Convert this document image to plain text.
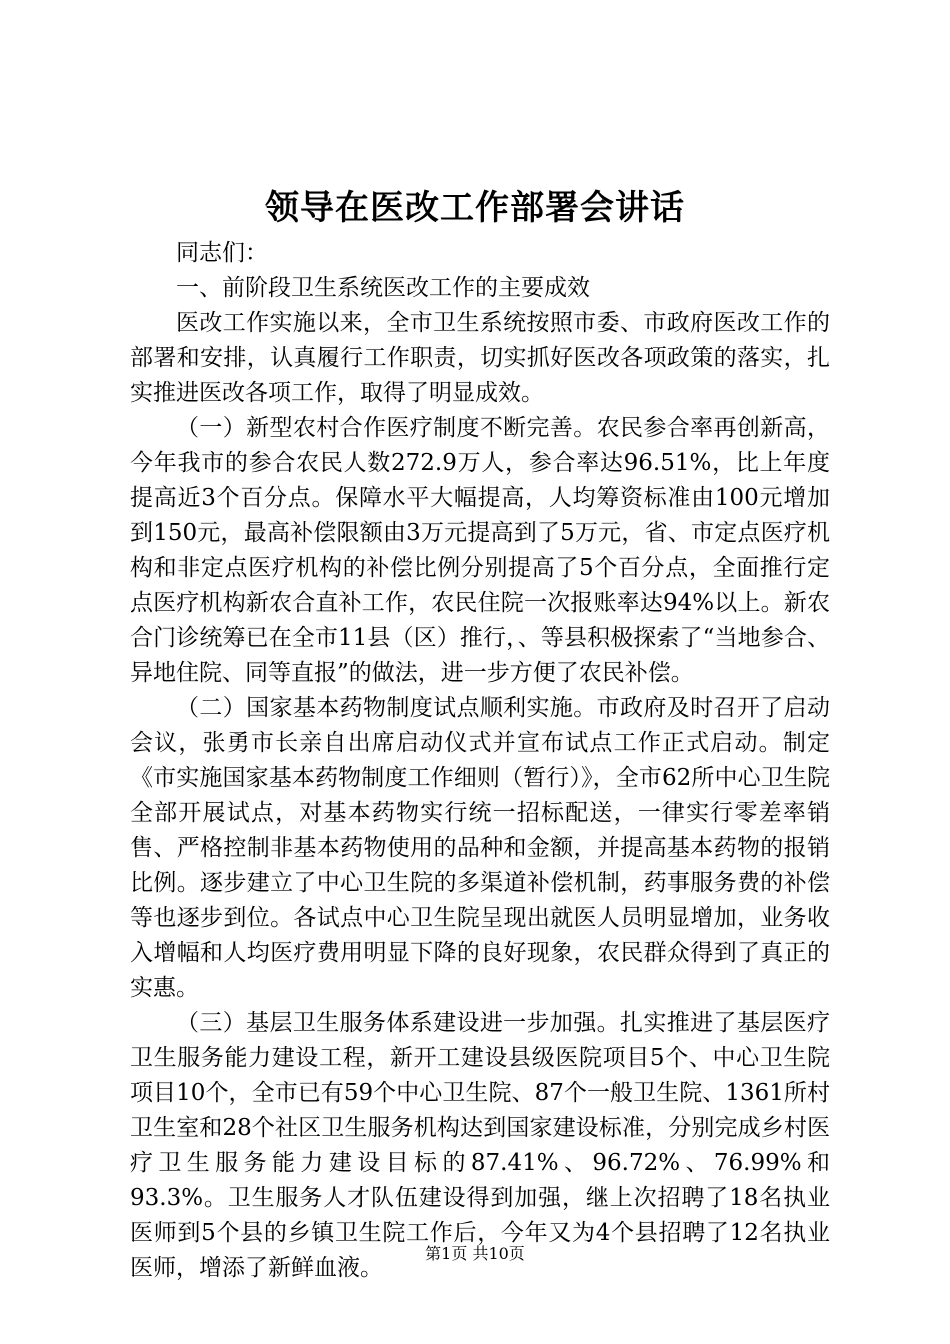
领导在医改工作部署会讲话

同志们：

一、前阶段卫生系统医改工作的主要成效

医改工作实施以来，全市卫生系统按照市委、市政府医改工作的部署和安排，认真履行工作职责，切实抓好医改各项政策的落实，扎实推进医改各项工作，取得了明显成效。

（一）新型农村合作医疗制度不断完善。农民参合率再创新高，今年我市的参合农民人数272.9万人，参合率达96.51%，比上年度提高近3个百分点。保障水平大幅提高，人均筹资标准由100元增加到150元，最高补偿限额由3万元提高到了5万元，省、市定点医疗机构和非定点医疗机构的补偿比例分别提高了5个百分点，全面推行定点医疗机构新农合直补工作，农民住院一次报账率达94%以上。新农合门诊统筹已在全市11县（区）推行，、等县积极探索了“当地参合、异地住院、同等直报”的做法，进一步方便了农民补偿。

（二）国家基本药物制度试点顺利实施。市政府及时召开了启动会议，张勇市长亲自出席启动仪式并宣布试点工作正式启动。制定《市实施国家基本药物制度工作细则（暂行）》，全市62所中心卫生院全部开展试点，对基本药物实行统一招标配送，一律实行零差率销售、严格控制非基本药物使用的品种和金额，并提高基本药物的报销比例。逐步建立了中心卫生院的多渠道补偿机制，药事服务费的补偿等也逐步到位。各试点中心卫生院呈现出就医人员明显增加，业务收入增幅和人均医疗费用明显下降的良好现象，农民群众得到了真正的实惠。

（三）基层卫生服务体系建设进一步加强。扎实推进了基层医疗卫生服务能力建设工程，新开工建设县级医院项目5个、中心卫生院项目10个，全市已有59个中心卫生院、87个一般卫生院、1361所村卫生室和28个社区卫生服务机构达到国家建设标准，分别完成乡村医疗卫生服务能力建设目标的87.41%、96.72%、76.99%和93.3%。卫生服务人才队伍建设得到加强，继上次招聘了18名执业医师到5个县的乡镇卫生院工作后，今年又为4个县招聘了12名执业医师，增添了新鲜血液。

第1页 共10页
